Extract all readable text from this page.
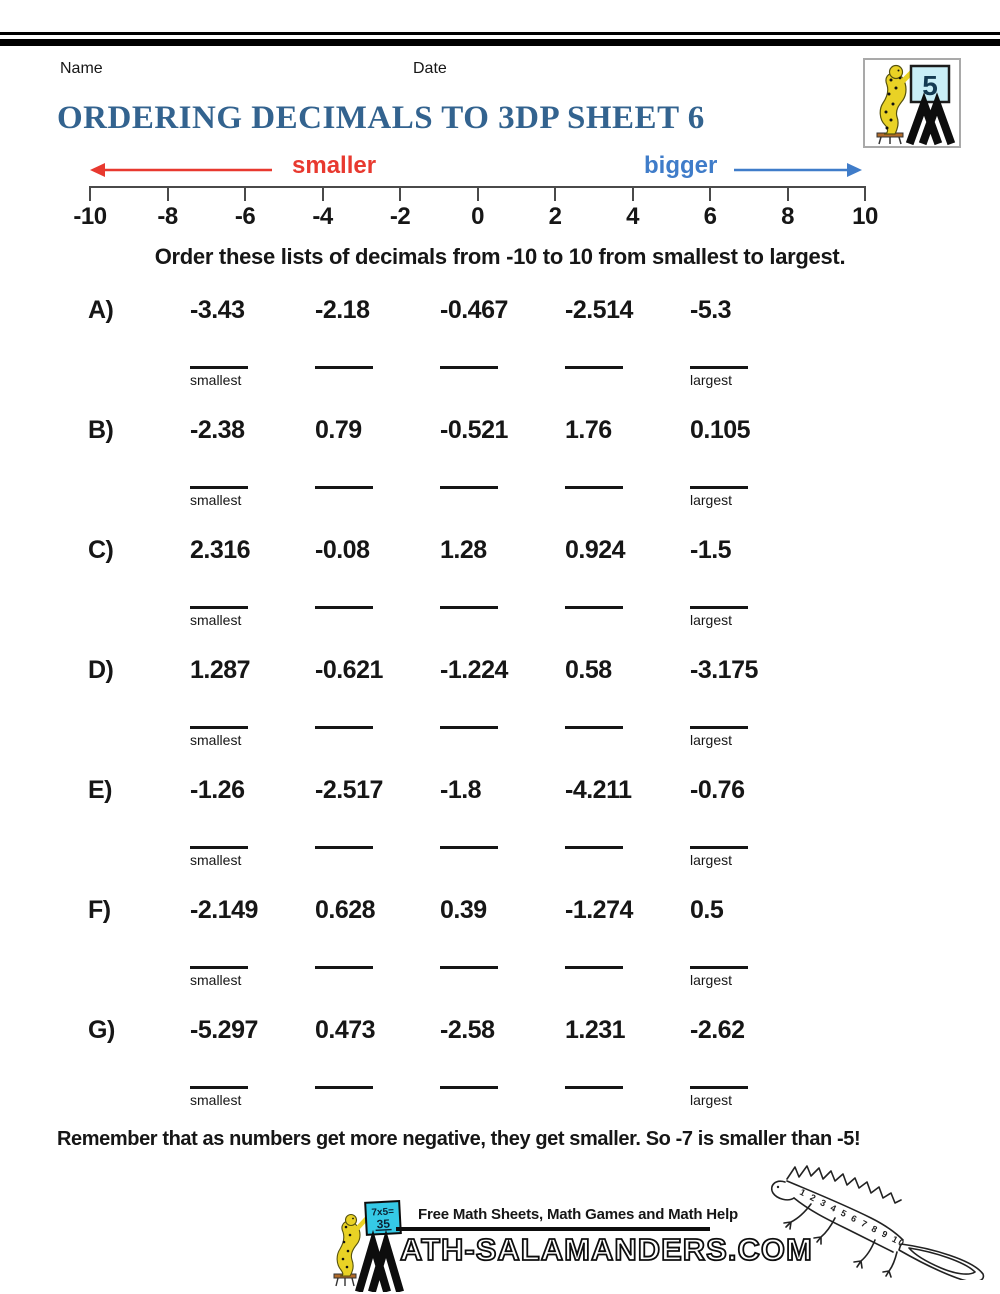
Name	Date
5
ORDERING DECIMALS TO 3DP SHEET 6
smaller	bigger
-10 -8 -6 -4 -2	0	2	4	6	8 10
Order these lists of decimals from -10 to 10 from smallest to largest.
A)	-3.43	-2.18	-0.467	-2.514	-5.3
smallest	largest
B)	-2.38	0.79	-0.521	1.76	0.105
smallest	largest
C)	2.316	-0.08	1.28	0.924	-1.5
smallest	largest
D)	1.287	-0.621	-1.224	0.58	-3.175
smallest	largest
E)	-1.26	-2.517	-1.8	-4.211	-0.76
smallest	largest
F)	-2.149	0.628	0.39	-1.274	0.5
smallest	largest
G)	-5.297	0.473	-2.58	1.231	-2.62
smallest	largest
Remember that as numbers get more negative, they get smaller. So -7 is smaller than -5!
7x5=
35
Free Math Sheets, Math Games and Math Help
ATH-SALAMANDERS.COM
1 2 3 4 5 6 7 8 9 10
